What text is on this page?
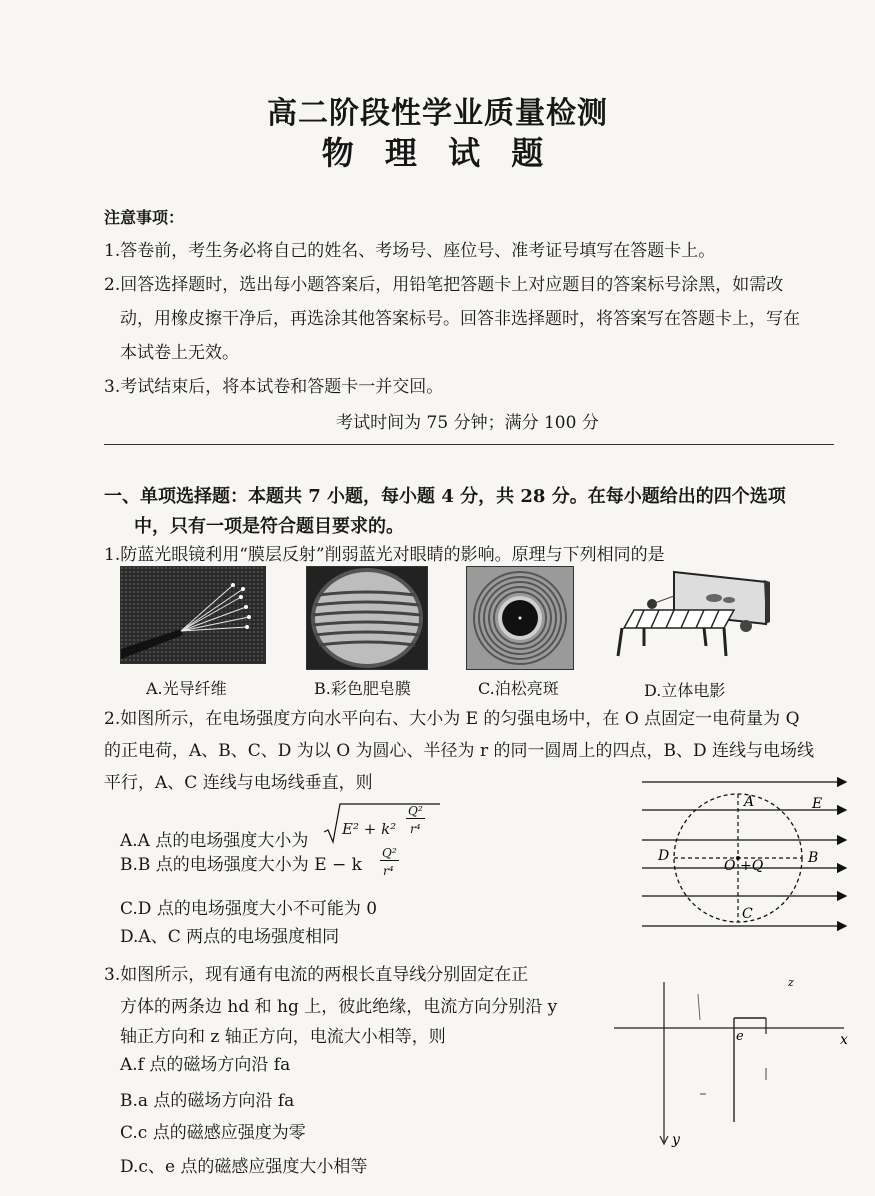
高二阶段性学业质量检测
物 理 试 题
注意事项：
1.答卷前，考生务必将自己的姓名、考场号、座位号、准考证号填写在答题卡上。
2.回答选择题时，选出每小题答案后，用铅笔把答题卡上对应题目的答案标号涂黑，如需改
动，用橡皮擦干净后，再选涂其他答案标号。回答非选择题时，将答案写在答题卡上，写在
本试卷上无效。
3.考试结束后，将本试卷和答题卡一并交回。
考试时间为 75 分钟；满分 100 分
一、单项选择题：本题共 7 小题，每小题 4 分，共 28 分。在每小题给出的四个选项
中，只有一项是符合题目要求的。
1.防蓝光眼镜利用“膜层反射”削弱蓝光对眼睛的影响。原理与下列相同的是
A.光导纤维	B.彩色肥皂膜	C.泊松亮斑	D.立体电影
2.如图所示，在电场强度方向水平向右、大小为 E 的匀强电场中，在 O 点固定一电荷量为 Q
的正电荷，A、B、C、D 为以 O 为圆心、半径为 r 的同一圆周上的四点，B、D 连线与电场线
平行，A、C 连线与电场线垂直，则
A.A 点的电场强度大小为
E² + k²
Q²
r⁴
B.B 点的电场强度大小为 E − k
Q²
r⁴
C.D 点的电场强度大小不可能为 0
D.A、C 两点的电场强度相同
A
B
C
D
O +Q
E
3.如图所示，现有通有电流的两根长直导线分别固定在正
方体的两条边 hd 和 hg 上，彼此绝缘，电流方向分别沿 y
轴正方向和 z 轴正方向，电流大小相等，则
A.f 点的磁场方向沿 fa
B.a 点的磁场方向沿 fa
C.c 点的磁感应强度为零
D.c、e 点的磁感应强度大小相等
x
y
z
e
